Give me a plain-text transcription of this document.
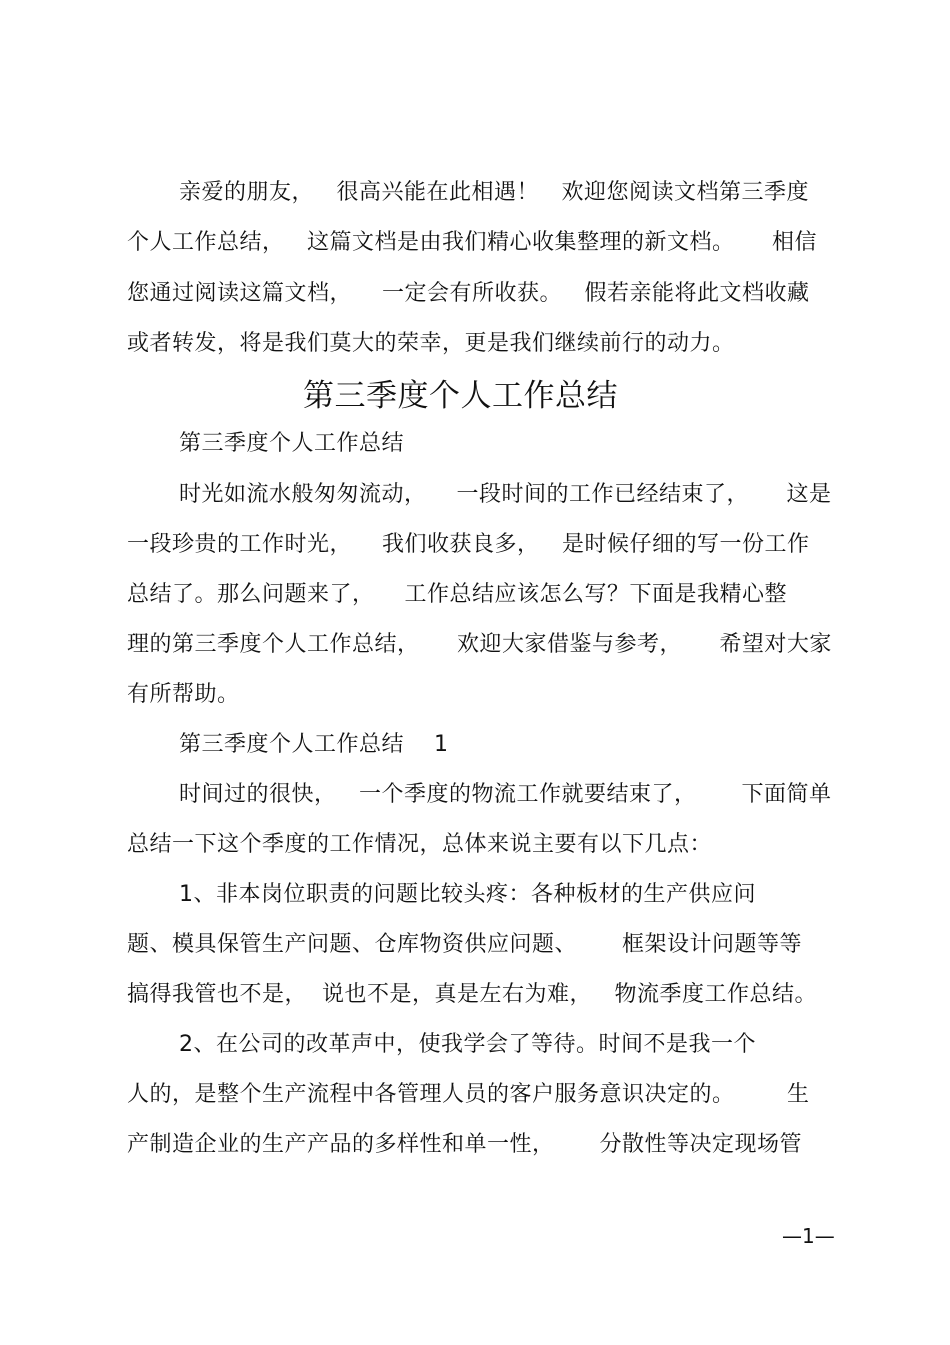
亲爱的朋友，   很高兴能在此相遇！   欢迎您阅读文档第三季度
个人工作总结，   这篇文档是由我们精心收集整理的新文档。     相信
您通过阅读这篇文档，    一定会有所收获。   假若亲能将此文档收藏
或者转发，将是我们莫大的荣幸，更是我们继续前行的动力。
第三季度个人工作总结
第三季度个人工作总结
时光如流水般匆匆流动，    一段时间的工作已经结束了，     这是
一段珍贵的工作时光，    我们收获良多，   是时候仔细的写一份工作
总结了。那么问题来了，    工作总结应该怎么写？下面是我精心整
理的第三季度个人工作总结，     欢迎大家借鉴与参考，     希望对大家
有所帮助。
第三季度个人工作总结    1
时间过的很快，   一个季度的物流工作就要结束了，      下面简单
总结一下这个季度的工作情况，总体来说主要有以下几点：
1、非本岗位职责的问题比较头疼：各种板材的生产供应问
题、模具保管生产问题、仓库物资供应问题、      框架设计问题等等
搞得我管也不是，  说也不是，真是左右为难，   物流季度工作总结。
2、在公司的改革声中，使我学会了等待。时间不是我一个
人的，是整个生产流程中各管理人员的客户服务意识决定的。       生
产制造企业的生产产品的多样性和单一性，      分散性等决定现场管
—1—
